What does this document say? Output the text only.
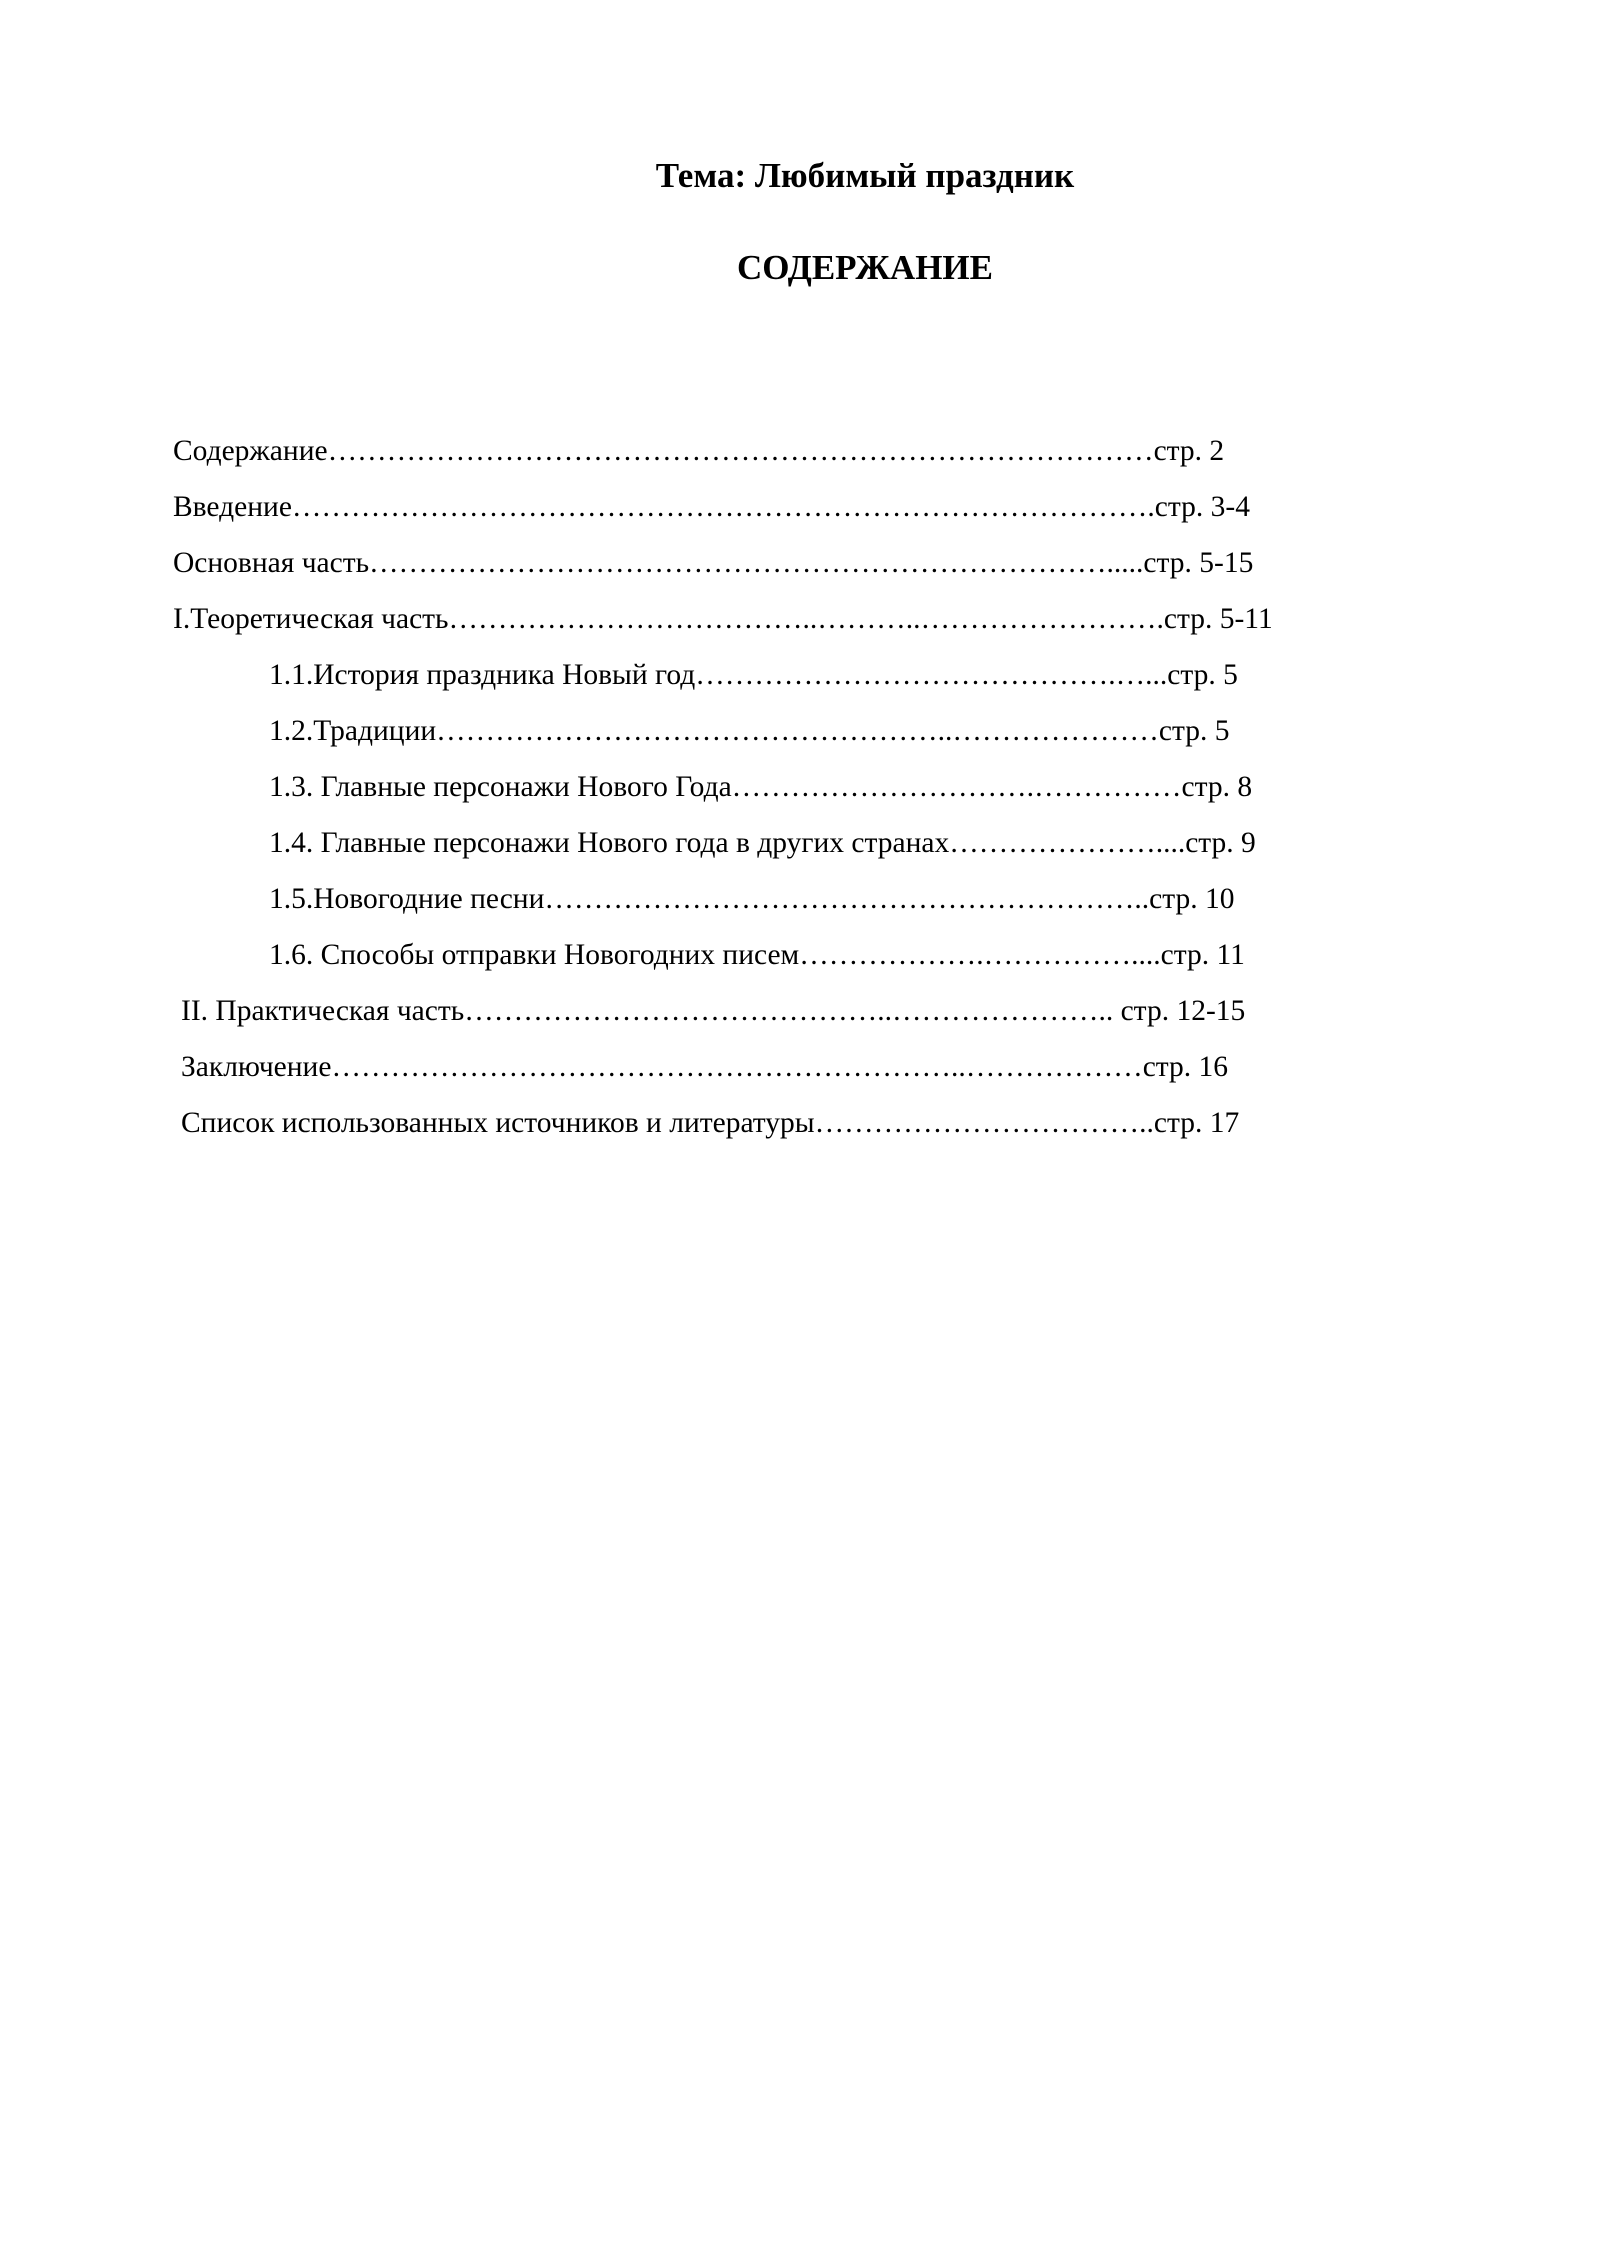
Тема: Любимый праздник
СОДЕРЖАНИЕ
Содержание…………………………………………………………………………стр. 2
Введение…………………………………………………………………………….стр. 3-4
Основная часть………………………………………………………………….....стр. 5-15
I.Теоретическая часть………………………………..………..…………………….стр. 5-11
1.1.История праздника Новый год…………………………………….…...стр. 5
1.2.Традиции……………………………………………..…………………стр. 5
1.3. Главные персонажи Нового Года………………………….……………стр. 8
1.4. Главные персонажи Нового года в других странах…………………....стр. 9
1.5.Новогодние песни……………………………………………………..стр. 10
1.6. Способы отправки Новогодних писем……………….……………....стр. 11
II. Практическая часть……………………………………..………………….. стр. 12-15
Заключение………………………………………………………..………………стр. 16
Список использованных источников и литературы……………………………..стр. 17
